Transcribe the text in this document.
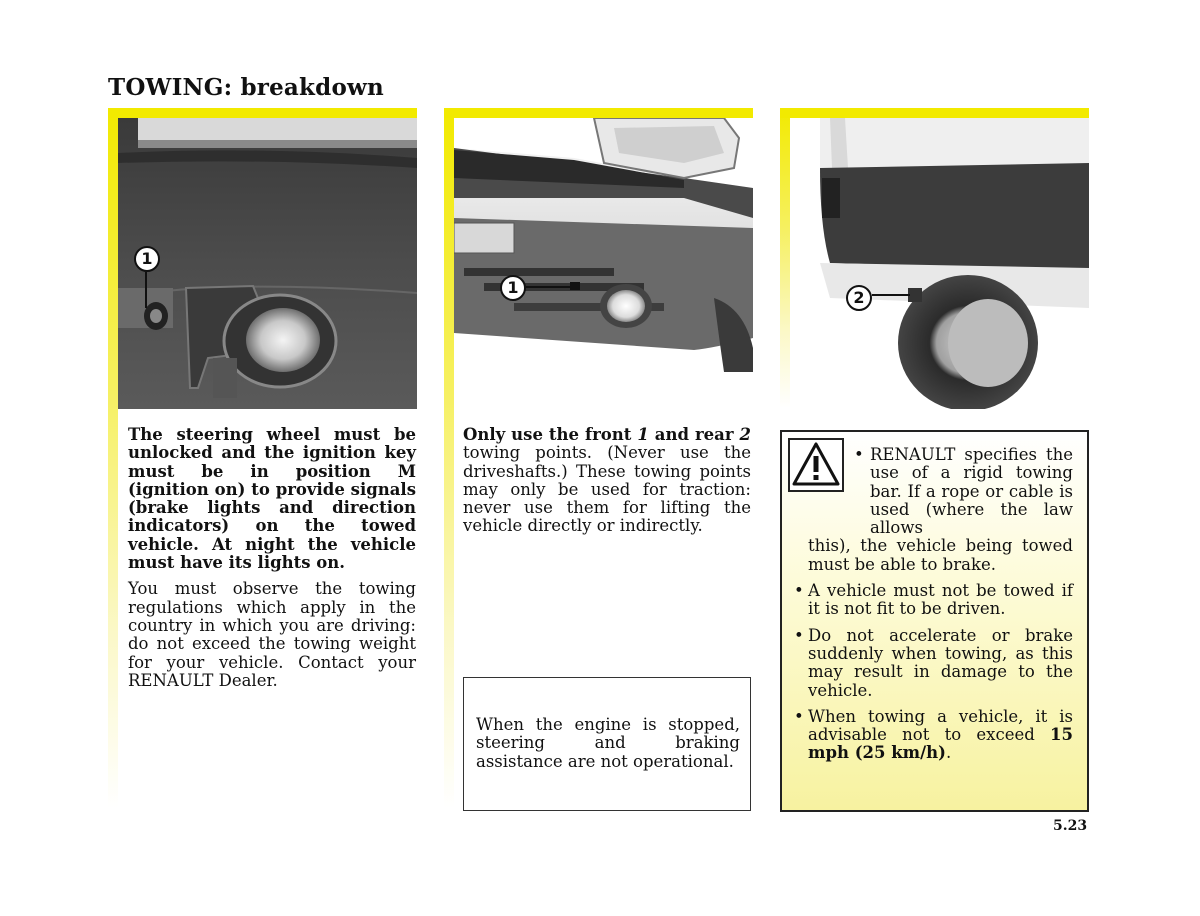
TOWING: breakdown
1
1
2

The steering wheel must be unlocked and the ignition key must be in position M (ignition on) to provide signals (brake lights and direction indicators) on the towed vehicle. At night the vehicle must have its lights on.

You must observe the towing regulations which apply in the country in which you are driving: do not exceed the towing weight for your vehicle. Contact your RENAULT Dealer.

Only use the front 1 and rear 2 towing points. (Never use the driveshafts.) These towing points may only be used for traction: never use them for lifting the vehicle directly or indirectly.

When the engine is stopped, steering and braking assistance are not operational.

• RENAULT specifies the use of a rigid towing bar. If a rope or cable is used (where the law allows
this), the vehicle being towed must be able to brake.
• A vehicle must not be towed if it is not fit to be driven.
• Do not accelerate or brake suddenly when towing, as this may result in damage to the vehicle.
• When towing a vehicle, it is advisable not to exceed 15 mph (25 km/h).
5.23
